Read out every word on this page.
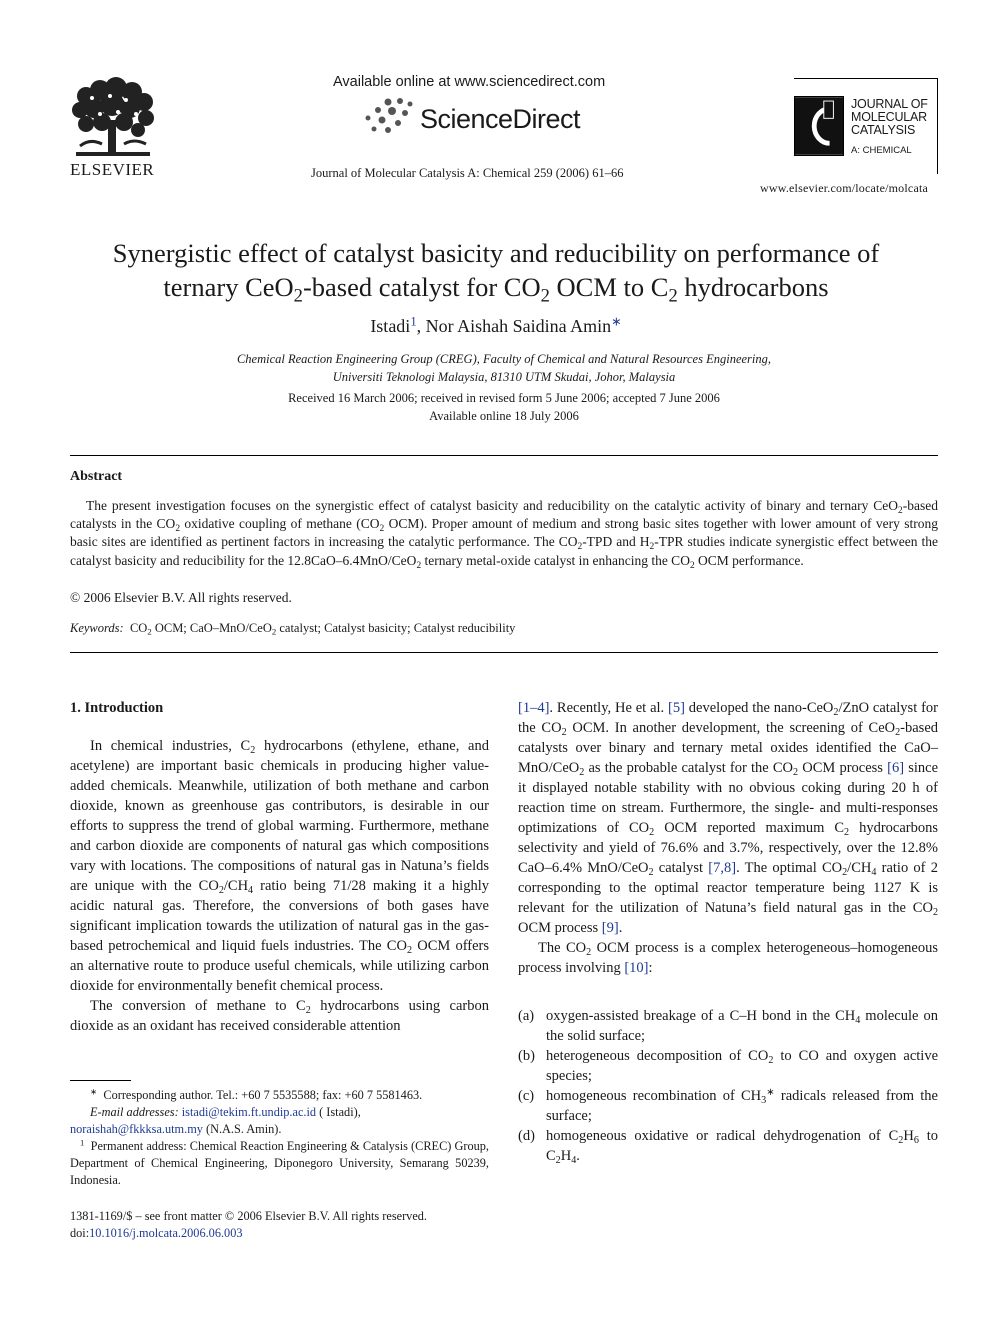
ELSEVIER
Available online at www.sciencedirect.com
ScienceDirect
Journal of Molecular Catalysis A: Chemical 259 (2006) 61–66
JOURNAL OF
MOLECULAR
CATALYSIS
A: CHEMICAL
www.elsevier.com/locate/molcata
Synergistic effect of catalyst basicity and reducibility on performance of
ternary CeO$_2$-based catalyst for $CO_2$ OCM to $C_2$ hydrocarbons
Istadi$^1$, Nor Aishah Saidina Amin∗
Chemical Reaction Engineering Group (CREG), Faculty of Chemical and Natural Resources Engineering,
Universiti Teknologi Malaysia, 81310 UTM Skudai, Johor, Malaysia
Received 16 March 2006; received in revised form 5 June 2006; accepted 7 June 2006
Available online 18 July 2006
Abstract
The present investigation focuses on the synergistic effect of catalyst basicity and reducibility on the catalytic activity of binary and ternary CeO$_2$-based catalysts in the $CO_2$ oxidative coupling of methane ($CO_2$ OCM). Proper amount of medium and strong basic sites together with lower amount of very strong basic sites are identified as pertinent factors in increasing the catalytic performance. The $CO_2$-TPD and $H_2$-TPR studies indicate synergistic effect between the catalyst basicity and reducibility for the 12.8CaO–6.4MnO/CeO$_2$ ternary metal-oxide catalyst in enhancing the $CO_2$ OCM performance.
© 2006 Elsevier B.V. All rights reserved.
Keywords:  $CO_2$ OCM; CaO–MnO/CeO$_2$ catalyst; Catalyst basicity; Catalyst reducibility
1. Introduction

In chemical industries, $C_2$ hydrocarbons (ethylene, ethane, and acetylene) are important basic chemicals in producing higher value-added chemicals. Meanwhile, utilization of both methane and carbon dioxide, known as greenhouse gas contributors, is desirable in our efforts to suppress the trend of global warming. Furthermore, methane and carbon dioxide are components of natural gas which compositions vary with locations. The compositions of natural gas in Natuna’s fields are unique with the $CO_2/CH_4$ ratio being 71/28 making it a highly acidic natural gas. Therefore, the conversions of both gases have significant implication towards the utilization of natural gas in the gas-based petrochemical and liquid fuels industries. The $CO_2$ OCM offers an alternative route to produce useful chemicals, while utilizing carbon dioxide for environmentally benefit chemical process.

The conversion of methane to $C_2$ hydrocarbons using carbon dioxide as an oxidant has received considerable attention

[1–4]. Recently, He et al. [5] developed the nano-CeO$_2$/ZnO catalyst for the $CO_2$ OCM. In another development, the screening of CeO$_2$-based catalysts over binary and ternary metal oxides identified the CaO–MnO/CeO$_2$ as the probable catalyst for the $CO_2$ OCM process [6] since it displayed notable stability with no obvious coking during 20 h of reaction time on stream. Furthermore, the single- and multi-responses optimizations of $CO_2$ OCM reported maximum $C_2$ hydrocarbons selectivity and yield of 76.6% and 3.7%, respectively, over the 12.8% CaO–6.4% MnO/CeO$_2$ catalyst [7,8]. The optimal $CO_2/CH_4$ ratio of 2 corresponding to the optimal reactor temperature being 1127 K is relevant for the utilization of Natuna’s field natural gas in the $CO_2$ OCM process [9].

The $CO_2$ OCM process is a complex heterogeneous–homogeneous process involving [10]:

(a) oxygen-assisted breakage of a C–H bond in the $CH_4$ molecule on the solid surface;
(b) heterogeneous decomposition of $CO_2$ to CO and oxygen active species;
(c) homogeneous recombination of $CH_3^∗$ radicals released from the surface;
(d) homogeneous oxidative or radical dehydrogenation of $C_2H_6$ to $C_2H_4$.
∗ Corresponding author. Tel.: +60 7 5535588; fax: +60 7 5581463.
E-mail addresses: istadi@tekim.ft.undip.ac.id ( Istadi),
noraishah@fkkksa.utm.my (N.A.S. Amin).
$^1$ Permanent address: Chemical Reaction Engineering & Catalysis (CREC) Group, Department of Chemical Engineering, Diponegoro University, Semarang 50239, Indonesia.
1381-1169/$ – see front matter © 2006 Elsevier B.V. All rights reserved.
doi:10.1016/j.molcata.2006.06.003
